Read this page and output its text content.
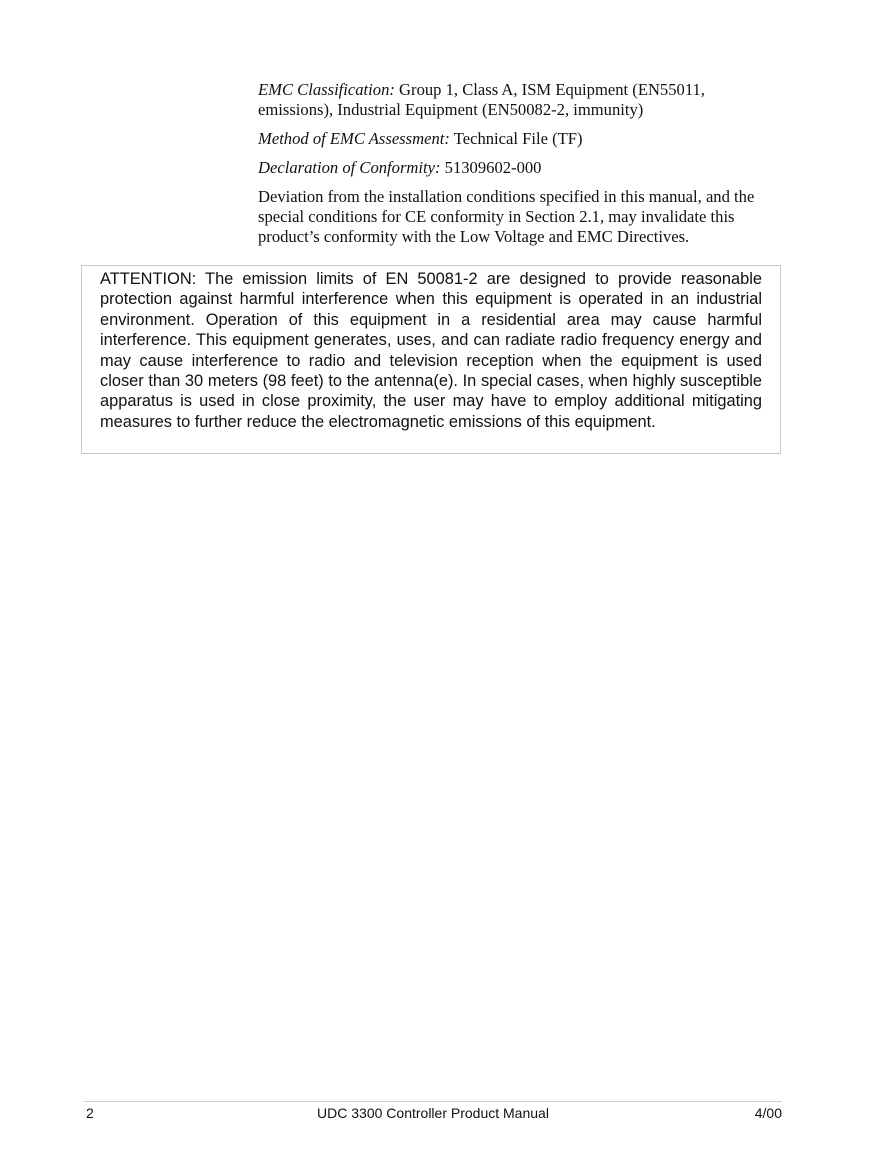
EMC Classification: Group 1, Class A, ISM Equipment (EN55011, emissions), Industrial Equipment (EN50082-2, immunity)

Method of EMC Assessment: Technical File (TF)

Declaration of Conformity: 51309602-000

Deviation from the installation conditions specified in this manual, and the special conditions for CE conformity in Section 2.1, may invalidate this product’s conformity with the Low Voltage and EMC Directives.

ATTENTION: The emission limits of EN 50081-2 are designed to provide reasonable protection against harmful interference when this equipment is operated in an industrial environment. Operation of this equipment in a residential area may cause harmful interference. This equipment generates, uses, and can radiate radio frequency energy and may cause interference to radio and television reception when the equipment is used closer than 30 meters (98 feet) to the antenna(e). In special cases, when highly susceptible apparatus is used in close proximity, the user may have to employ additional mitigating measures to further reduce the electromagnetic emissions of this equipment.

2	UDC 3300 Controller Product Manual	4/00
